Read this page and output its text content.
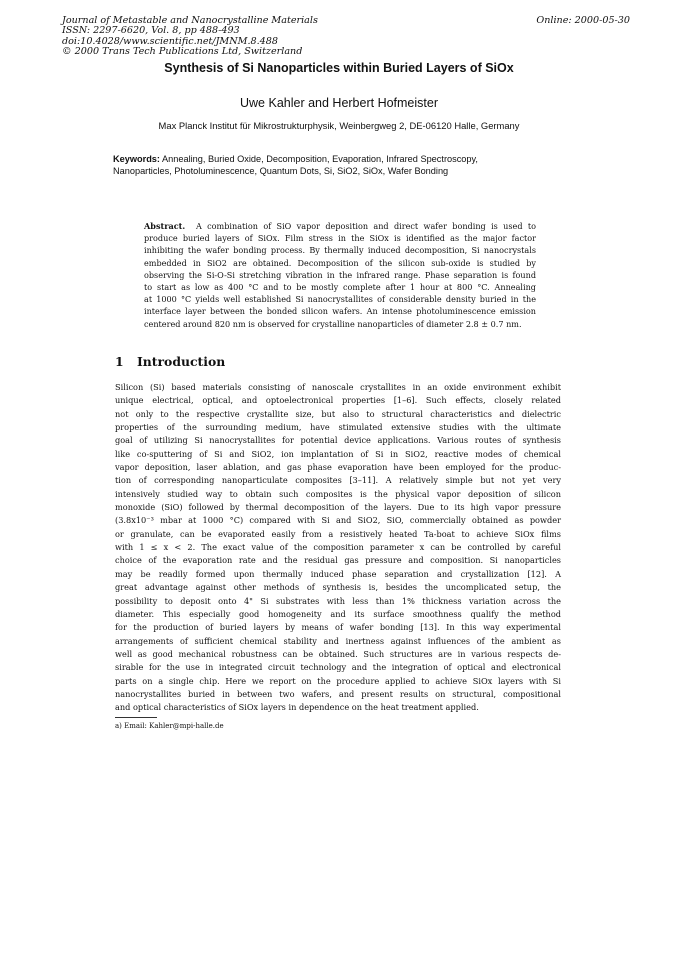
Journal of Metastable and Nanocrystalline Materials
ISSN: 2297-6620, Vol. 8, pp 488-493
doi:10.4028/www.scientific.net/JMNM.8.488
© 2000 Trans Tech Publications Ltd, Switzerland
Online: 2000-05-30
Synthesis of Si Nanoparticles within Buried Layers of SiOx
Uwe Kahler and Herbert Hofmeister
Max Planck Institut für Mikrostrukturphysik, Weinbergweg 2, DE-06120 Halle, Germany
Keywords: Annealing, Buried Oxide, Decomposition, Evaporation, Infrared Spectroscopy,
Nanoparticles, Photoluminescence, Quantum Dots, Si, SiO2, SiOx, Wafer Bonding
Abstract. A combination of SiO vapor deposition and direct wafer bonding is used to
produce buried layers of SiOx. Film stress in the SiOx is identified as the major factor
inhibiting the wafer bonding process. By thermally induced decomposition, Si nanocrystals
embedded in SiO2 are obtained. Decomposition of the silicon sub-oxide is studied by
observing the Si-O-Si stretching vibration in the infrared range. Phase separation is found
to start as low as 400 °C and to be mostly complete after 1 hour at 800 °C. Annealing
at 1000 °C yields well established Si nanocrystallites of considerable density buried in the
interface layer between the bonded silicon wafers. An intense photoluminescence emission
centered around 820 nm is observed for crystalline nanoparticles of diameter 2.8 ± 0.7 nm.
1 Introduction
Silicon (Si) based materials consisting of nanoscale crystallites in an oxide environment exhibit
unique electrical, optical, and optoelectronical properties [1–6]. Such effects, closely related
not only to the respective crystallite size, but also to structural characteristics and dielectric
properties of the surrounding medium, have stimulated extensive studies with the ultimate
goal of utilizing Si nanocrystallites for potential device applications. Various routes of synthesis
like co-sputtering of Si and SiO2, ion implantation of Si in SiO2, reactive modes of chemical
vapor deposition, laser ablation, and gas phase evaporation have been employed for the produc-
tion of corresponding nanoparticulate composites [3–11]. A relatively simple but not yet very
intensively studied way to obtain such composites is the physical vapor deposition of silicon
monoxide (SiO) followed by thermal decomposition of the layers. Due to its high vapor pressure
(3.8x10⁻³ mbar at 1000 °C) compared with Si and SiO2, SiO, commercially obtained as powder
or granulate, can be evaporated easily from a resistively heated Ta-boat to achieve SiOx films
with 1 ≤ x < 2. The exact value of the composition parameter x can be controlled by careful
choice of the evaporation rate and the residual gas pressure and composition. Si nanoparticles
may be readily formed upon thermally induced phase separation and crystallization [12]. A
great advantage against other methods of synthesis is, besides the uncomplicated setup, the
possibility to deposit onto 4" Si substrates with less than 1% thickness variation across the
diameter. This especially good homogeneity and its surface smoothness qualify the method
for the production of buried layers by means of wafer bonding [13]. In this way experimental
arrangements of sufficient chemical stability and inertness against influences of the ambient as
well as good mechanical robustness can be obtained. Such structures are in various respects de-
sirable for the use in integrated circuit technology and the integration of optical and electronical
parts on a single chip. Here we report on the procedure applied to achieve SiOx layers with Si
nanocrystallites buried in between two wafers, and present results on structural, compositional
and optical characteristics of SiOx layers in dependence on the heat treatment applied.
a) Email: Kahler@mpi-halle.de
